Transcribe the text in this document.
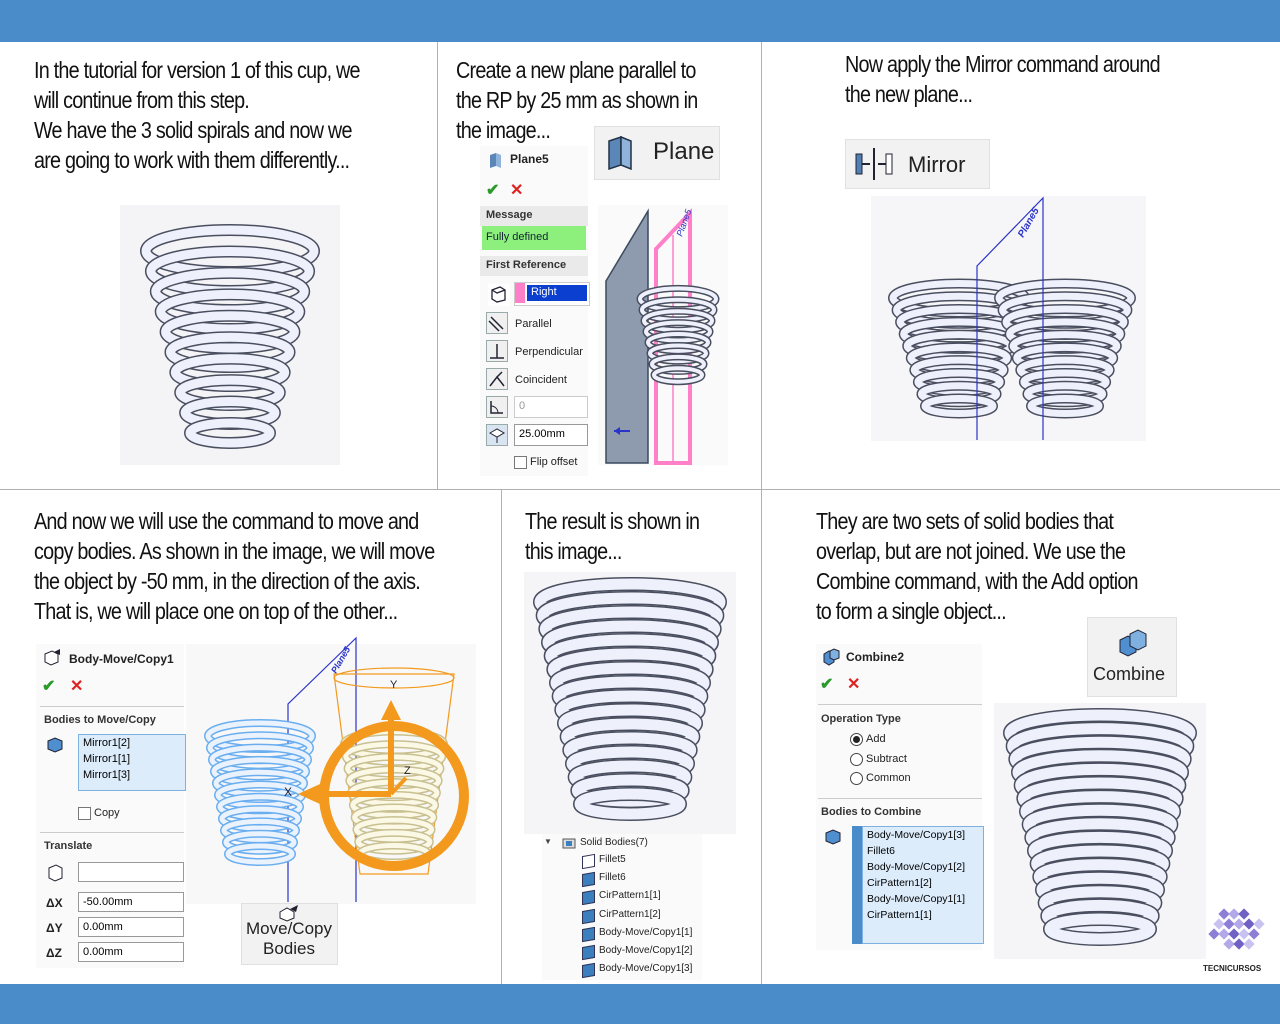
In the tutorial for version 1 of this cup, we
will continue from this step.
We have the 3 solid spirals and now we
are going to work with them differently...
Create a new plane parallel to
the RP by 25 mm as shown in
the image...
Plane
Plane5
✔ ✕
Message
Fully defined
First Reference
Right
Parallel
Perpendicular
Coincident
0
25.00mm
Flip offset
Plane5
Now apply the Mirror command around
the new plane...
Mirror
Plane5
And now we will use the command to move and
copy bodies. As shown in the image, we will move
the object by -50 mm, in the direction of the axis.
That is, we will place one on top of the other...
Body-Move/Copy1
✔ ✕
Bodies to Move/Copy
Mirror1[2]
Mirror1[1]
Mirror1[3]
Copy
Translate
ΔX	-50.00mm
ΔY	0.00mm
ΔZ	0.00mm
Plane5
X
Y
Z
Move/Copy
Bodies
The result is shown in
this image...
▼	Solid Bodies(7)
Fillet5
Fillet6
CirPattern1[1]
CirPattern1[2]
Body-Move/Copy1[1]
Body-Move/Copy1[2]
Body-Move/Copy1[3]
They are two sets of solid bodies that
overlap, but are not joined. We use the
Combine command, with the Add option
to form a single object...
Combine
Combine2
✔ ✕
Operation Type
Add
Subtract
Common
Bodies to Combine
Body-Move/Copy1[3]
Fillet6
Body-Move/Copy1[2]
CirPattern1[2]
Body-Move/Copy1[1]
CirPattern1[1]
TECNICURSOS
